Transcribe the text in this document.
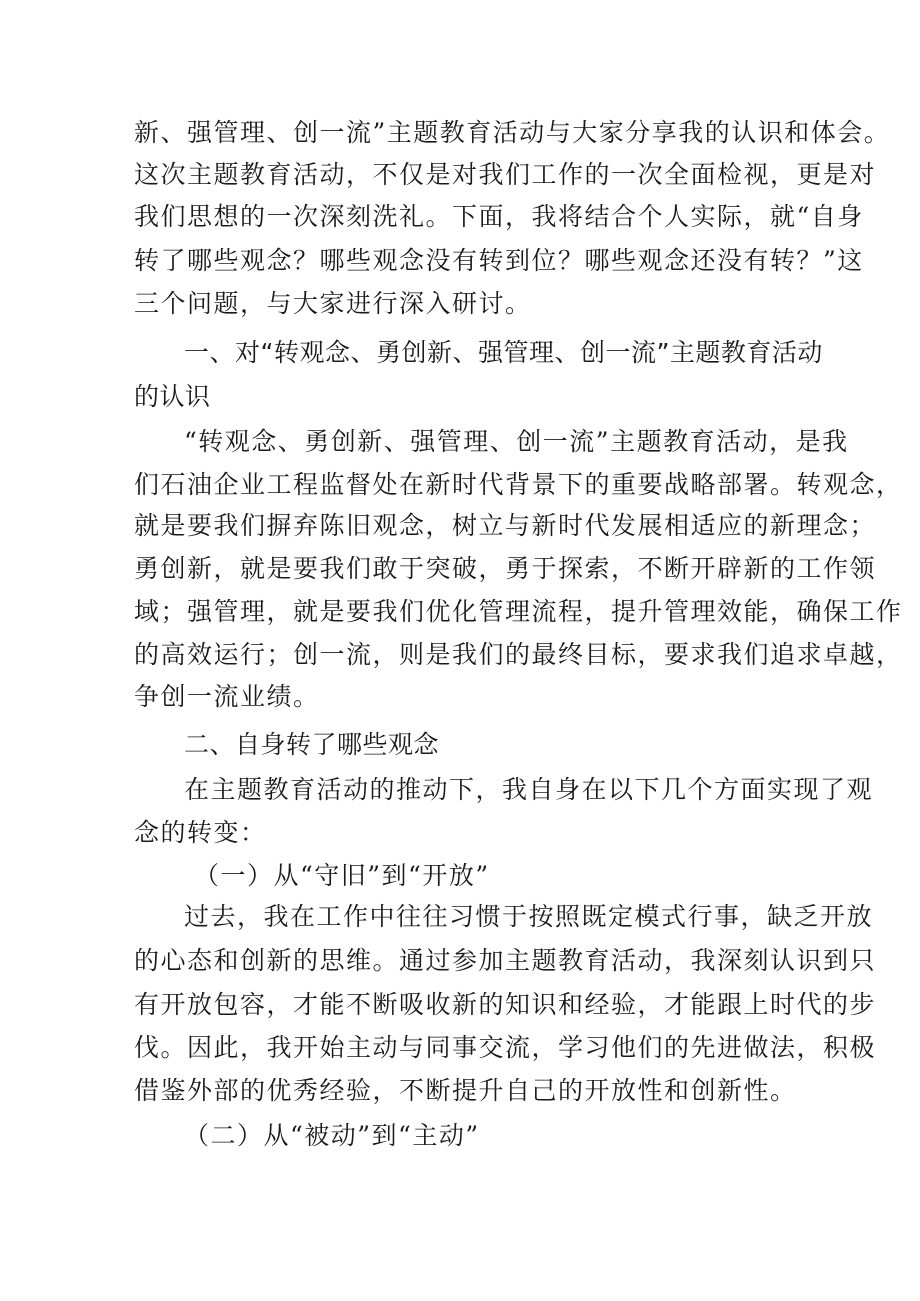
新、强管理、创一流”主题教育活动与大家分享我的认识和体会。
这次主题教育活动，不仅是对我们工作的一次全面检视，更是对
我们思想的一次深刻洗礼。下面，我将结合个人实际，就“自身
转了哪些观念？哪些观念没有转到位？哪些观念还没有转？”这
三个问题，与大家进行深入研讨。
一、对“转观念、勇创新、强管理、创一流”主题教育活动
的认识
“转观念、勇创新、强管理、创一流”主题教育活动，是我
们石油企业工程监督处在新时代背景下的重要战略部署。转观念，
就是要我们摒弃陈旧观念，树立与新时代发展相适应的新理念；
勇创新，就是要我们敢于突破，勇于探索，不断开辟新的工作领
域；强管理，就是要我们优化管理流程，提升管理效能，确保工作
的高效运行；创一流，则是我们的最终目标，要求我们追求卓越，
争创一流业绩。
二、自身转了哪些观念
在主题教育活动的推动下，我自身在以下几个方面实现了观
念的转变：
（一）从“守旧”到“开放”
过去，我在工作中往往习惯于按照既定模式行事，缺乏开放
的心态和创新的思维。通过参加主题教育活动，我深刻认识到只
有开放包容，才能不断吸收新的知识和经验，才能跟上时代的步
伐。因此，我开始主动与同事交流，学习他们的先进做法，积极
借鉴外部的优秀经验，不断提升自己的开放性和创新性。
（二）从“被动”到“主动”
